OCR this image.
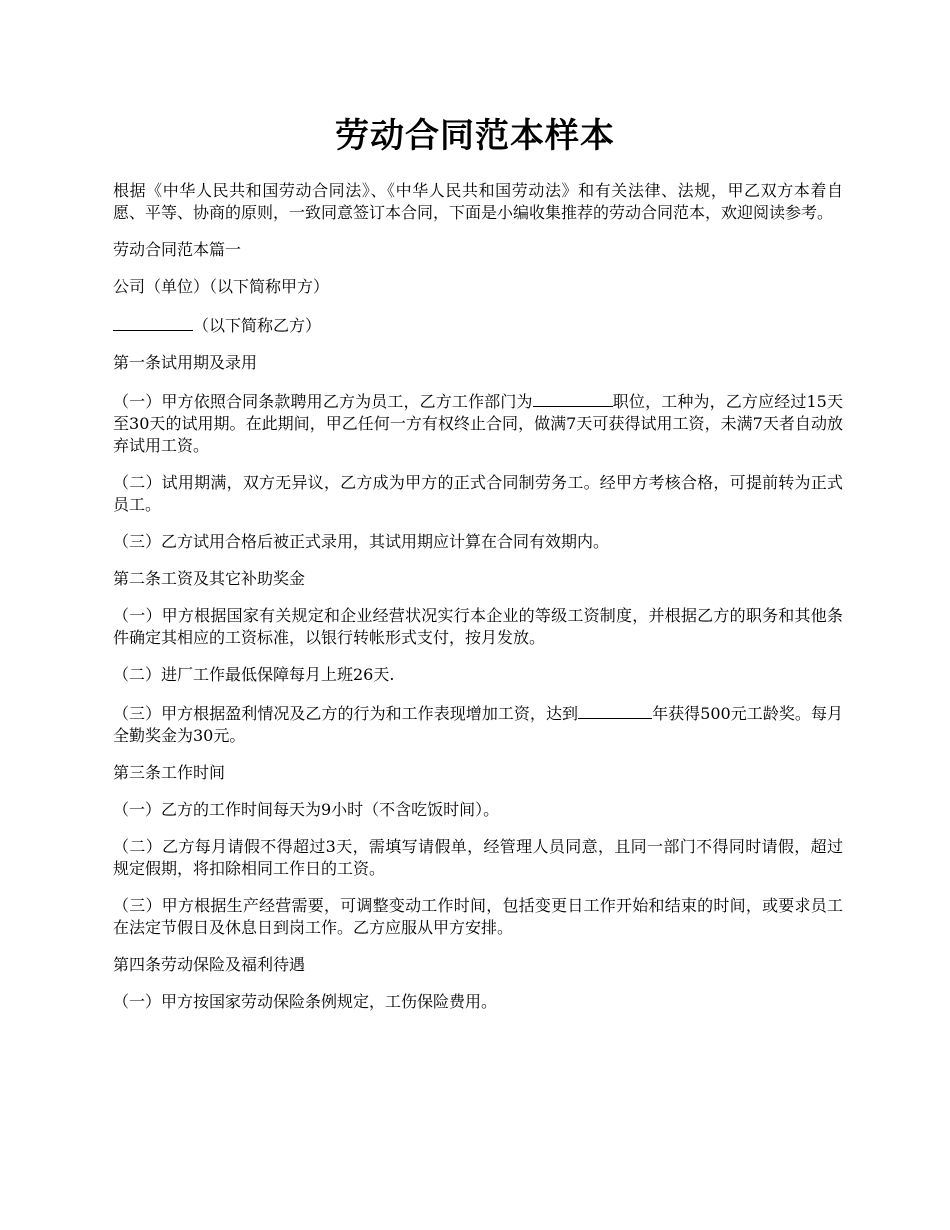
劳动合同范本样本

根据《中华人民共和国劳动合同法》、《中华人民共和国劳动法》和有关法律、法规，甲乙双方本着自愿、平等、协商的原则，一致同意签订本合同，下面是小编收集推荐的劳动合同范本，欢迎阅读参考。

劳动合同范本篇一

公司（单位）（以下简称甲方）

（以下简称乙方）

第一条试用期及录用

（一）甲方依照合同条款聘用乙方为员工，乙方工作部门为	职位，工种为，乙方应经过15天至30天的试用期。在此期间，甲乙任何一方有权终止合同，做满7天可获得试用工资，未满7天者自动放弃试用工资。

（二）试用期满，双方无异议，乙方成为甲方的正式合同制劳务工。经甲方考核合格，可提前转为正式员工。

（三）乙方试用合格后被正式录用，其试用期应计算在合同有效期内。

第二条工资及其它补助奖金

（一）甲方根据国家有关规定和企业经营状况实行本企业的等级工资制度，并根据乙方的职务和其他条件确定其相应的工资标准，以银行转帐形式支付，按月发放。

（二）进厂工作最低保障每月上班26天.

（三）甲方根据盈利情况及乙方的行为和工作表现增加工资，达到	年获得500元工龄奖。每月全勤奖金为30元。

第三条工作时间

（一）乙方的工作时间每天为9小时（不含吃饭时间）。

（二）乙方每月请假不得超过3天，需填写请假单，经管理人员同意，且同一部门不得同时请假，超过规定假期，将扣除相同工作日的工资。

（三）甲方根据生产经营需要，可调整变动工作时间，包括变更日工作开始和结束的时间，或要求员工在法定节假日及休息日到岗工作。乙方应服从甲方安排。

第四条劳动保险及福利待遇

（一）甲方按国家劳动保险条例规定，工伤保险费用。
